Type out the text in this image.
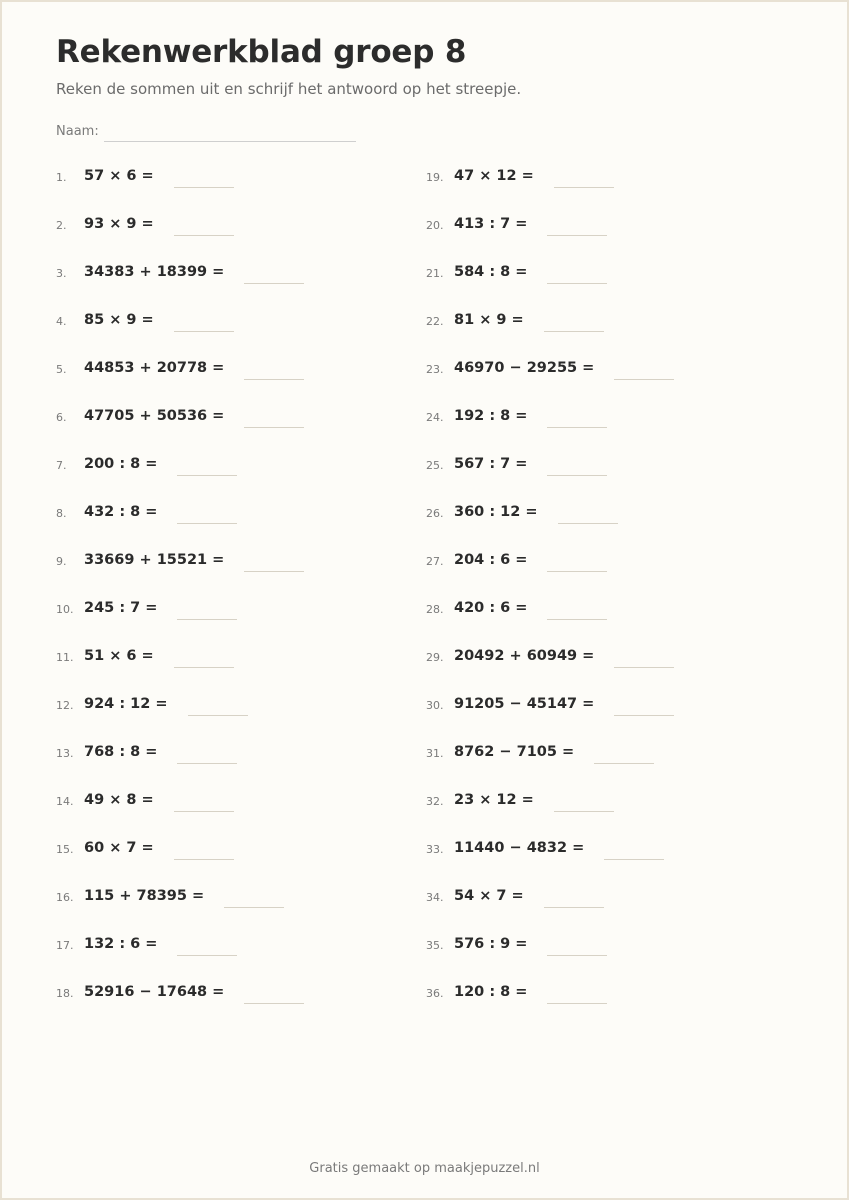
Rekenwerkblad groep 8
Reken de sommen uit en schrijf het antwoord op het streepje.
Naam:
1.	57 × 6 =
2.	93 × 9 =
3.	34383 + 18399 =
4.	85 × 9 =
5.	44853 + 20778 =
6.	47705 + 50536 =
7.	200 : 8 =
8.	432 : 8 =
9.	33669 + 15521 =
10. 245 : 7 =
11. 51 × 6 =
12. 924 : 12 =
13. 768 : 8 =
14. 49 × 8 =
15. 60 × 7 =
16. 115 + 78395 =
17. 132 : 6 =
18. 52916 − 17648 =
19. 47 × 12 =
20. 413 : 7 =
21. 584 : 8 =
22. 81 × 9 =
23. 46970 − 29255 =
24. 192 : 8 =
25. 567 : 7 =
26. 360 : 12 =
27. 204 : 6 =
28. 420 : 6 =
29. 20492 + 60949 =
30. 91205 − 45147 =
31. 8762 − 7105 =
32. 23 × 12 =
33. 11440 − 4832 =
34. 54 × 7 =
35. 576 : 9 =
36. 120 : 8 =
Gratis gemaakt op maakjepuzzel.nl
